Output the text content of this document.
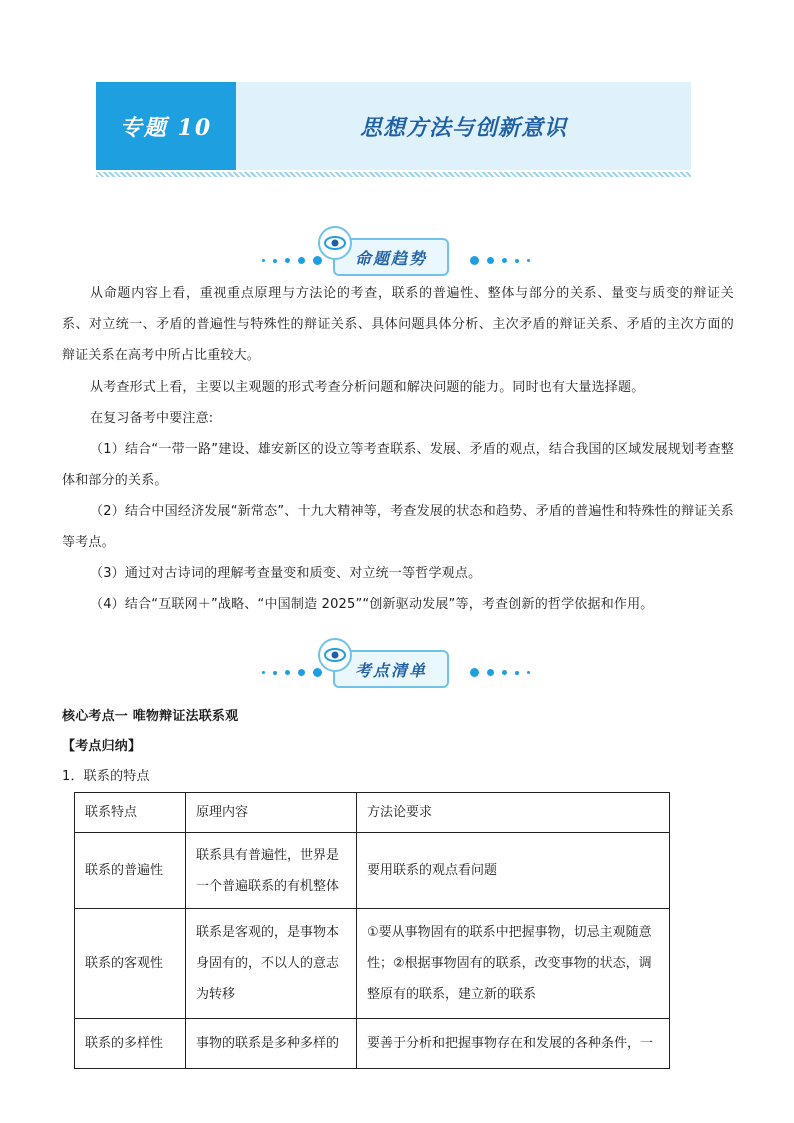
专题 10	思想方法与创新意识
命题趋势

从命题内容上看，重视重点原理与方法论的考查，联系的普遍性、整体与部分的关系、量变与质变的辩证关系、对立统一、矛盾的普遍性与特殊性的辩证关系、具体问题具体分析、主次矛盾的辩证关系、矛盾的主次方面的辩证关系在高考中所占比重较大。

从考查形式上看，主要以主观题的形式考查分析问题和解决问题的能力。同时也有大量选择题。

在复习备考中要注意:

（1）结合“一带一路”建设、雄安新区的设立等考查联系、发展、矛盾的观点，结合我国的区域发展规划考查整体和部分的关系。

（2）结合中国经济发展“新常态”、十九大精神等，考查发展的状态和趋势、矛盾的普遍性和特殊性的辩证关系等考点。

（3）通过对古诗词的理解考查量变和质变、对立统一等哲学观点。

（4）结合“互联网＋”战略、“中国制造 2025”“创新驱动发展”等，考查创新的哲学依据和作用。

考点清单

核心考点一 唯物辩证法联系观

【考点归纳】

1．联系的特点

联系特点	原理内容	方法论要求
联系的普遍性	联系具有普遍性，世界是一个普遍联系的有机整体	要用联系的观点看问题
联系的客观性	联系是客观的，是事物本身固有的，不以人的意志为转移	①要从事物固有的联系中把握事物，切忌主观随意性；②根据事物固有的联系，改变事物的状态，调整原有的联系，建立新的联系
联系的多样性	事物的联系是多种多样的	要善于分析和把握事物存在和发展的各种条件，一
